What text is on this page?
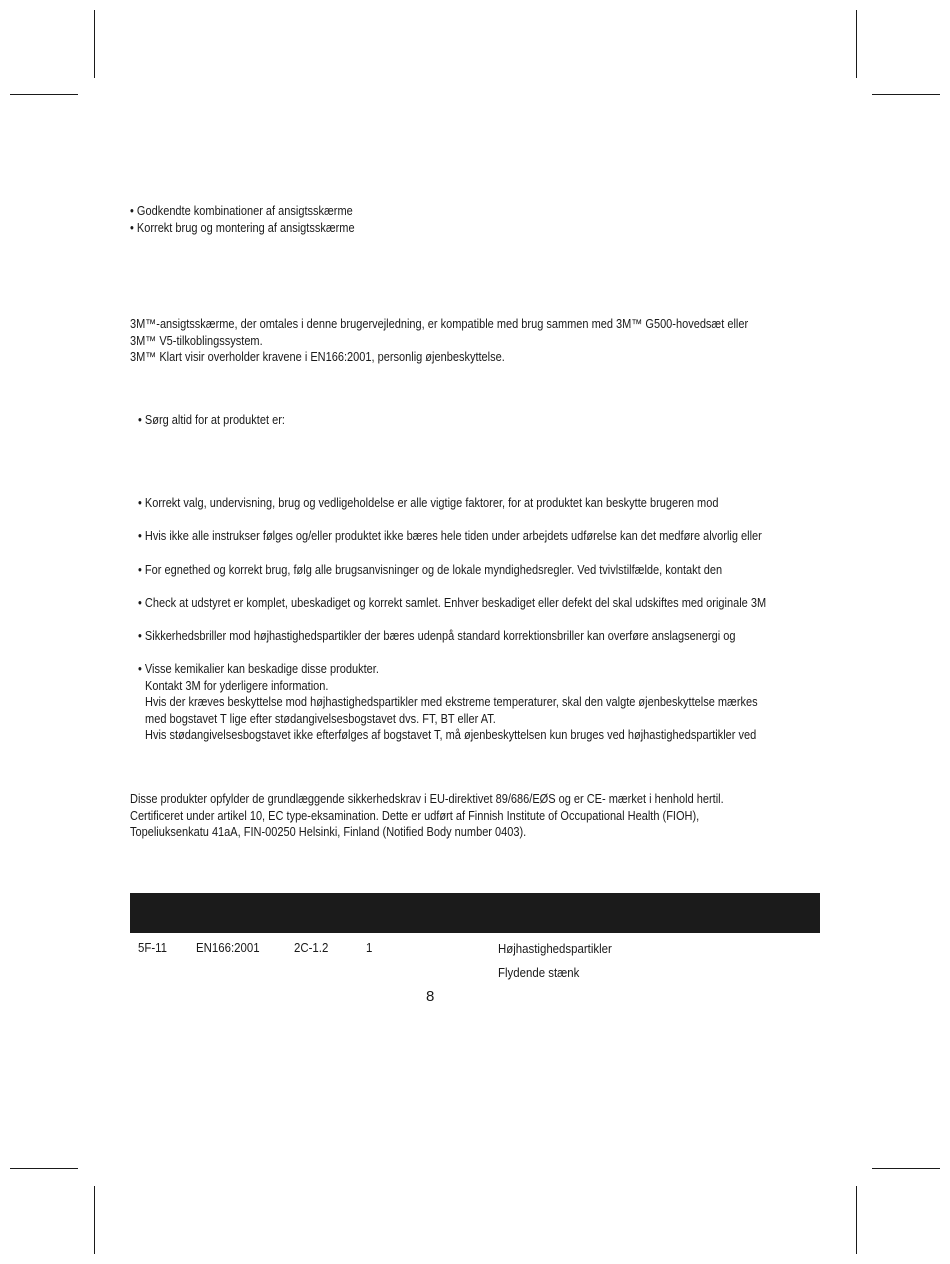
• Godkendte kombinationer af ansigtsskærme
• Korrekt brug og montering af ansigtsskærme
3M™-ansigtsskærme, der omtales i denne brugervejledning, er kompatible med brug sammen med 3M™ G500-hovedsæt eller
3M™ V5-tilkoblingssystem.
3M™ Klart visir overholder kravene i EN166:2001, personlig øjenbeskyttelse.

• Sørg altid for at produktet er:

• Korrekt valg, undervisning, brug og vedligeholdelse er alle vigtige faktorer, for at produktet kan beskytte brugeren mod

• Hvis ikke alle instrukser følges og/eller produktet ikke bæres hele tiden under arbejdets udførelse kan det medføre alvorlig eller

• For egnethed og korrekt brug, følg alle brugsanvisninger og de lokale myndighedsregler. Ved tvivlstilfælde, kontakt den

• Check at udstyret er komplet, ubeskadiget og korrekt samlet. Enhver beskadiget eller defekt del skal udskiftes med originale 3M

• Sikkerhedsbriller mod højhastighedspartikler der bæres udenpå standard korrektionsbriller kan overføre anslagsenergi og

• Visse kemikalier kan beskadige disse produkter.
Kontakt 3M for yderligere information.
Hvis der kræves beskyttelse mod højhastighedspartikler med ekstreme temperaturer, skal den valgte øjenbeskyttelse mærkes
med bogstavet T lige efter stødangivelsesbogstavet dvs. FT, BT eller AT.
Hvis stødangivelsesbogstavet ikke efterfølges af bogstavet T, må øjenbeskyttelsen kun bruges ved højhastighedspartikler ved
Disse produkter opfylder de grundlæggende sikkerhedskrav i EU-direktivet 89/686/EØS og er CE- mærket i henhold hertil.
Certificeret under artikel 10, EC type-eksamination. Dette er udført af Finnish Institute of Occupational Health (FIOH),
Topeliuksenkatu 41aA, FIN-00250 Helsinki, Finland (Notified Body number 0403).

5F-11 EN166:2001	2C-1.2	1	Højhastighedspartikler

Flydende stænk

8
